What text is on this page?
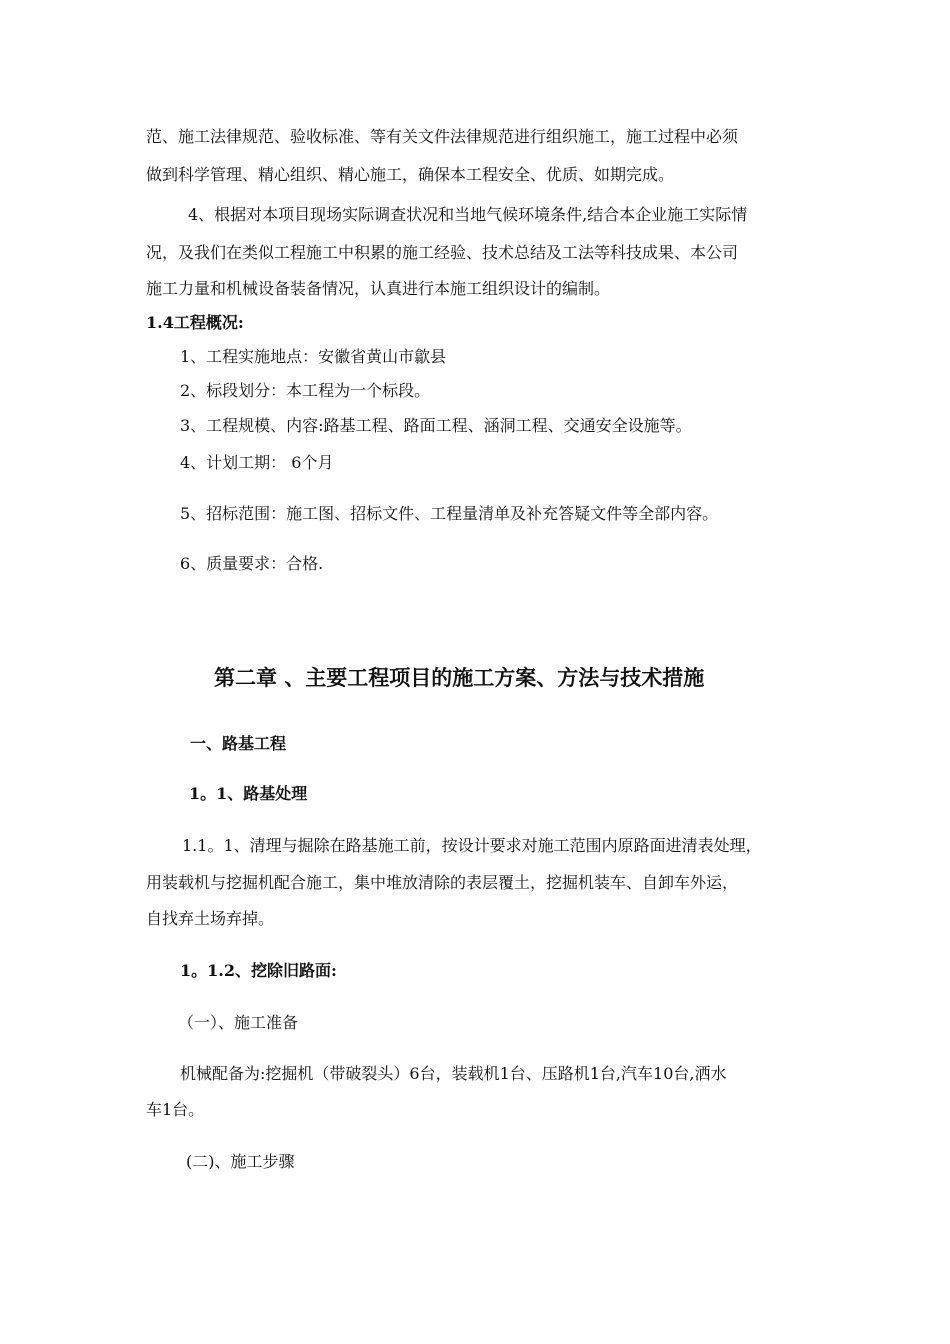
范、施工法律规范、验收标准、等有关文件法律规范进行组织施工，施工过程中必须
做到科学管理、精心组织、精心施工，确保本工程安全、优质、如期完成。
4、根据对本项目现场实际调查状况和当地气候环境条件,结合本企业施工实际情
况，及我们在类似工程施工中积累的施工经验、技术总结及工法等科技成果、本公司
施工力量和机械设备装备情况，认真进行本施工组织设计的编制。
1.4工程概况:
1、工程实施地点：安徽省黄山市歙县
2、标段划分：本工程为一个标段。
3、工程规模、内容:路基工程、路面工程、涵洞工程、交通安全设施等。
4、计划工期： 6个月
5、招标范围：施工图、招标文件、工程量清单及补充答疑文件等全部内容。
6、质量要求：合格.
第二章 、主要工程项目的施工方案、方法与技术措施
一、路基工程
1。1、路基处理
1.1。1、清理与掘除在路基施工前，按设计要求对施工范围内原路面进清表处理，
用装载机与挖掘机配合施工，集中堆放清除的表层覆土，挖掘机装车、自卸车外运，
自找弃土场弃掉。
1。1.2、挖除旧路面:
（一）、施工准备
机械配备为:挖掘机（带破裂头）6台，装载机1台、压路机1台,汽车10台,洒水
车1台。
(二)、施工步骤
